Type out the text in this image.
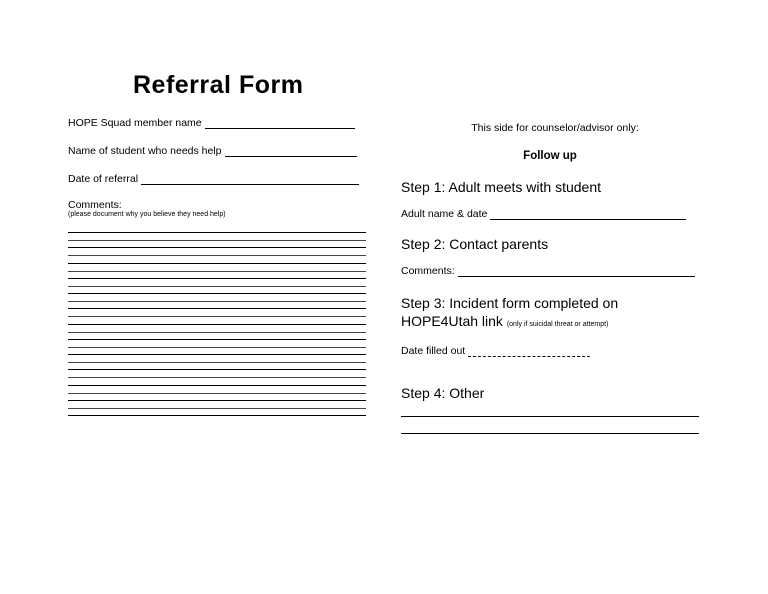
Referral Form
HOPE Squad member name
Name of student who needs help
Date of referral
Comments:
(please document why you believe they need help)
This side for counselor/advisor only:
Follow up
Step 1: Adult meets with student
Adult name & date
Step 2: Contact parents
Comments:
Step 3: Incident form completed on
HOPE4Utah link (only if suicidal threat or attempt)
Date filled out
Step 4: Other
